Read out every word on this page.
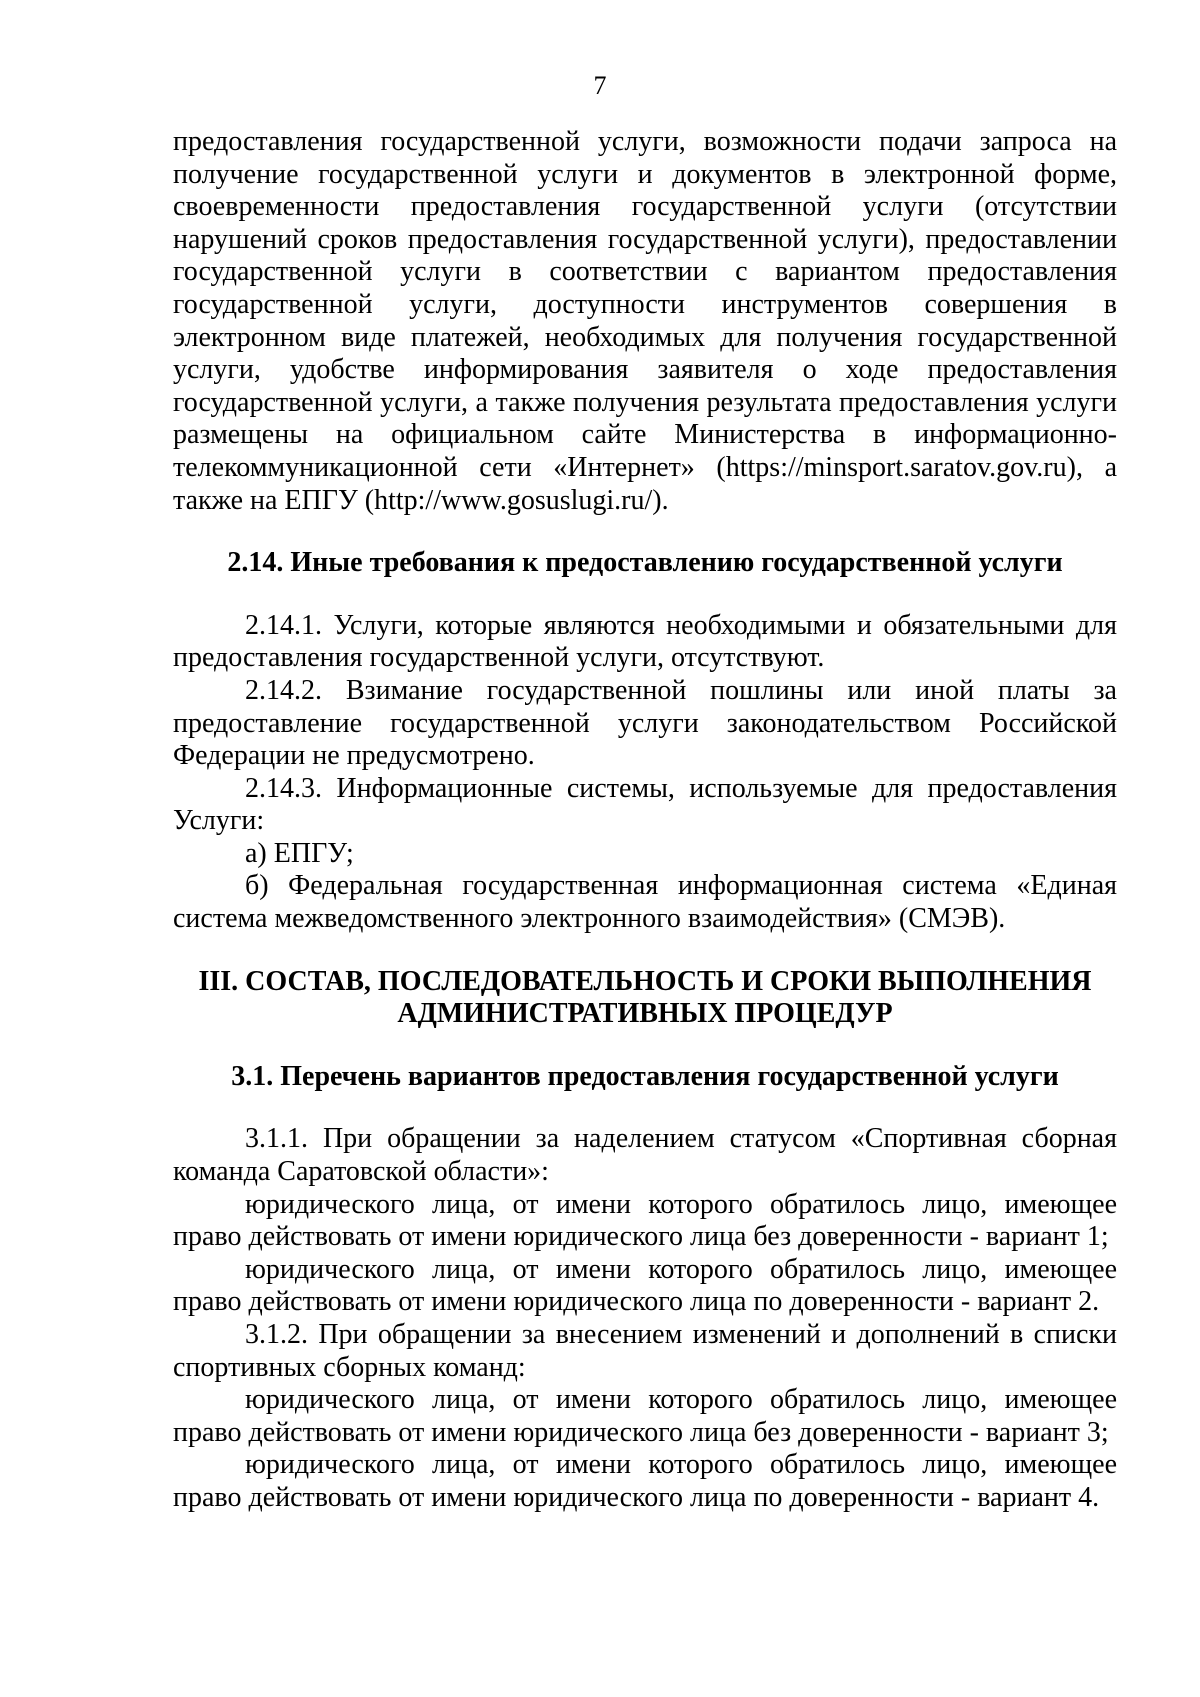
7

предоставления государственной услуги, возможности подачи запроса на получение государственной услуги и документов в электронной форме, своевременности предоставления государственной услуги (отсутствии нарушений сроков предоставления государственной услуги), предоставлении государственной услуги в соответствии с вариантом предоставления государственной услуги, доступности инструментов совершения в электронном виде платежей, необходимых для получения государственной услуги, удобстве информирования заявителя о ходе предоставления государственной услуги, а также получения результата предоставления услуги размещены на официальном сайте Министерства в информационно-телекоммуникационной сети «Интернет» (https://minsport.saratov.gov.ru), а также на ЕПГУ (http://www.gosuslugi.ru/).

2.14. Иные требования к предоставлению государственной услуги

2.14.1. Услуги, которые являются необходимыми и обязательными для предоставления государственной услуги, отсутствуют.

2.14.2. Взимание государственной пошлины или иной платы за предоставление государственной услуги законодательством Российской Федерации не предусмотрено.

2.14.3. Информационные системы, используемые для предоставления Услуги:

а) ЕПГУ;

б) Федеральная государственная информационная система «Единая система межведомственного электронного взаимодействия» (СМЭВ).

III. СОСТАВ, ПОСЛЕДОВАТЕЛЬНОСТЬ И СРОКИ ВЫПОЛНЕНИЯ
АДМИНИСТРАТИВНЫХ ПРОЦЕДУР
3.1. Перечень вариантов предоставления государственной услуги

3.1.1. При обращении за наделением статусом «Спортивная сборная команда Саратовской области»:

юридического лица, от имени которого обратилось лицо, имеющее право действовать от имени юридического лица без доверенности - вариант 1;

юридического лица, от имени которого обратилось лицо, имеющее право действовать от имени юридического лица по доверенности - вариант 2.

3.1.2. При обращении за внесением изменений и дополнений в списки спортивных сборных команд:

юридического лица, от имени которого обратилось лицо, имеющее право действовать от имени юридического лица без доверенности - вариант 3;

юридического лица, от имени которого обратилось лицо, имеющее право действовать от имени юридического лица по доверенности - вариант 4.
